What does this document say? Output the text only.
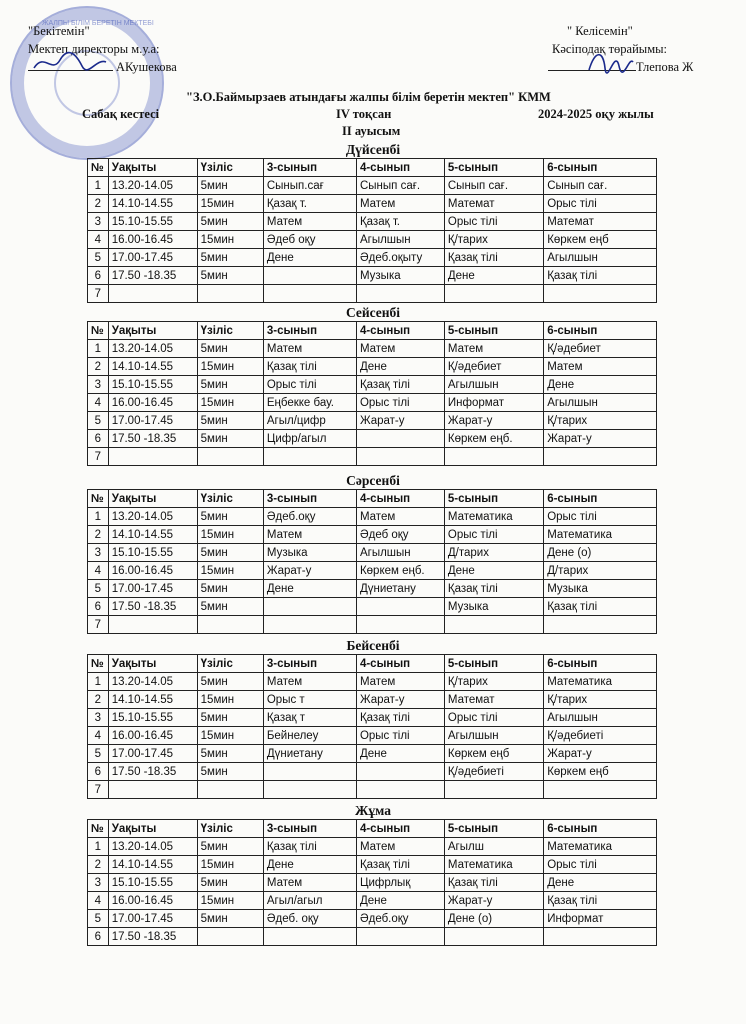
ЖАЛПЫ БІЛІМ БЕРЕТІН МЕКТЕБІ
"Бекітемін"
Мектеп директоры м.у.а:
АКушекова
" Келісемін"
Кәсіподақ төрайымы:
Тлепова Ж
"З.О.Баймырзаев атындағы жалпы білім беретін мектеп" КММ
Сабақ кестесі	IV тоқсан	2024-2025 оқу жылы
ІІ ауысым
Дүйсенбі
№	Уақыты	Үзіліс	3-сынып	4-сынып	5-сынып	6-сынып
1	13.20-14.05	5мин	Сынып.сағ	Сынып сағ.	Сынып сағ.	Сынып сағ.
2	14.10-14.55	15мин	Қазақ т.	Матем	Математ	Орыс тілі
3	15.10-15.55	5мин	Матем	Қазақ т.	Орыс тілі	Математ
4	16.00-16.45	15мин	Әдеб оқу	Агылшын	Қ/тарих	Көркем еңб
5	17.00-17.45	5мин	Дене	Әдеб.оқыту	Қазақ тілі	Агылшын
6	17.50 -18.35	5мин		Музыка	Дене	Қазақ тілі
7						
Сейсенбі
№	Уақыты	Үзіліс	3-сынып	4-сынып	5-сынып	6-сынып
1	13.20-14.05	5мин	Матем	Матем	Матем	Қ/әдебиет
2	14.10-14.55	15мин	Қазақ тілі	Дене	Қ/әдебиет	Матем
3	15.10-15.55	5мин	Орыс тілі	Қазақ тілі	Агылшын	Дене
4	16.00-16.45	15мин	Еңбекке бау.	Орыс тілі	Информат	Агылшын
5	17.00-17.45	5мин	Агыл/цифр	Жарат-у	Жарат-у	Қ/тарих
6	17.50 -18.35	5мин	Цифр/агыл		Көркем еңб.	Жарат-у
7						
Сәрсенбі
№	Уақыты	Үзіліс	3-сынып	4-сынып	5-сынып	6-сынып
1	13.20-14.05	5мин	Әдеб.оқу	Матем	Математика	Орыс тілі
2	14.10-14.55	15мин	Матем	Әдеб оқу	Орыс тілі	Математика
3	15.10-15.55	5мин	Музыка	Агылшын	Д/тарих	Дене (о)
4	16.00-16.45	15мин	Жарат-у	Көркем еңб.	Дене	Д/тарих
5	17.00-17.45	5мин	Дене	Дүниетану	Қазақ тілі	Музыка
6	17.50 -18.35	5мин			Музыка	Қазақ тілі
7						
Бейсенбі
№	Уақыты	Үзіліс	3-сынып	4-сынып	5-сынып	6-сынып
1	13.20-14.05	5мин	Матем	Матем	Қ/тарих	Математика
2	14.10-14.55	15мин	Орыс т	Жарат-у	Математ	Қ/тарих
3	15.10-15.55	5мин	Қазақ т	Қазақ тілі	Орыс тілі	Агылшын
4	16.00-16.45	15мин	Бейнелеу	Орыс тілі	Агылшын	Қ/әдебиеті
5	17.00-17.45	5мин	Дүниетану	Дене	Көркем еңб	Жарат-у
6	17.50 -18.35	5мин			Қ/әдебиеті	Көркем еңб
7						
Жұма
№	Уақыты	Үзіліс	3-сынып	4-сынып	5-сынып	6-сынып
1	13.20-14.05	5мин	Қазақ тілі	Матем	Агылш	Математика
2	14.10-14.55	15мин	Дене	Қазақ тілі	Математика	Орыс тілі
3	15.10-15.55	5мин	Матем	Цифрлық	Қазақ тілі	Дене
4	16.00-16.45	15мин	Агыл/агыл	Дене	Жарат-у	Қазақ тілі
5	17.00-17.45	5мин	Әдеб. оқу	Әдеб.оқу	Дене (о)	Информат
6	17.50 -18.35					
